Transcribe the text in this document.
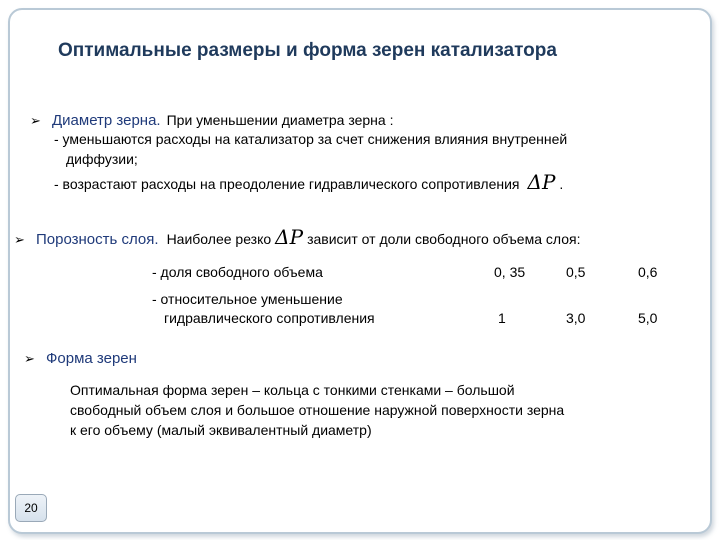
Оптимальные размеры и форма зерен катализатора
➢ Диаметр зерна. При уменьшении диаметра зерна :
- уменьшаются расходы на катализатор за счет снижения влияния внутренней
диффузии;
- возрастают расходы на преодоление гидравлического сопротивления ΔP .
➢ Порозность слоя. Наиболее резко ΔP зависит от доли свободного объема слоя:
- доля свободного объема	0, 35	0,5	0,6
- относительное уменьшение
гидравлического сопротивления	1	3,0	5,0
➢ Форма зерен
Оптимальная форма зерен – кольца с тонкими стенками – большой
свободный объем слоя и большое отношение наружной поверхности зерна
к его объему (малый эквивалентный диаметр)
20
